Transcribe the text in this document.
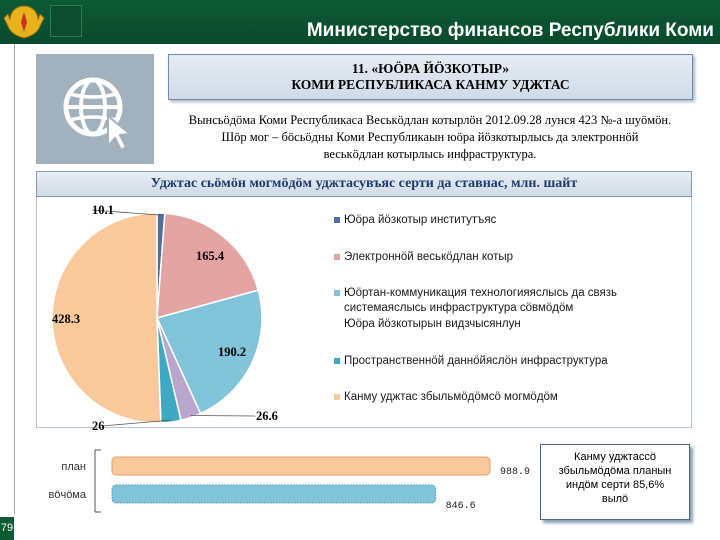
Министерство финансов Республики Коми
11. «ЮӦРА ЙӦЗКОТЫР»
КОМИ РЕСПУБЛИКАСА КАНМУ УДЖТАС
Вынсьӧдӧма Коми Республикаса Веськӧдлан котырлӧн 2012.09.28 лунся 423 №-а шуӧмӧн.
Шӧр мог – бӧсьӧдны Коми Республикаын юӧра йӧзкотырлысь да электроннӧй
веськӧдлан котырлысь инфраструктура.
Уджтас сьӧмӧн могмӧдӧм уджтасувъяс серти да ставнас, млн. шайт
10.1
165.4
190.2
26.6
26
428.3
Юӧра йӧзкотыр институтъяс
Электроннӧй веськӧдлан котыр
Юӧртан-коммуникация технологияяслысь да связь
системаяслысь инфраструктура сӧвмӧдӧм
Юӧра йӧзкотырын видзчысянлун
Пространственнӧй даннӧйяслӧн инфраструктура
Канму уджтас збыльмӧдӧмсӧ могмӧдӧм
план	988.9
вӧчӧма
846.6
Канму уджтассӧ
збыльмӧдӧма планын
индӧм серти 85,6%
вылӧ
79
